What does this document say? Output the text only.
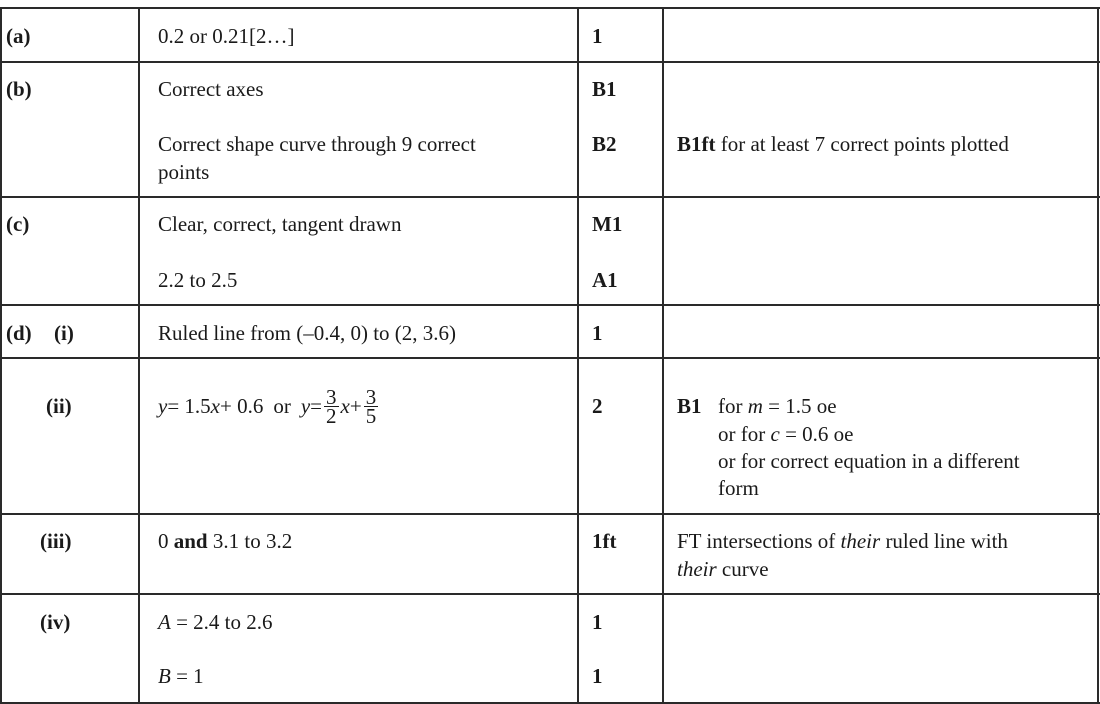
(a)	0.2 or 0.21[2…]	1
(b)	Correct axes	B1
Correct shape curve through 9 correct
points
B2	B1ft for at least 7 correct points plotted
(c)	Clear, correct, tangent drawn	M1
2.2 to 2.5	A1
(d) (i)	Ruled line from (–0.4, 0) to (2, 3.6)	1
(ii)	y = 1.5 x + 0.6 or $y = \frac{3}{2}$ $x + \frac{3}{5}$	2	B1 for m = 1.5 oe
or for c = 0.6 oe
or for correct equation in a different
form
(iii)	0 and 3.1 to 3.2	1ft	FT intersections of their ruled line with
their curve
(iv)	A = 2.4 to 2.6	1
B = 1	1
